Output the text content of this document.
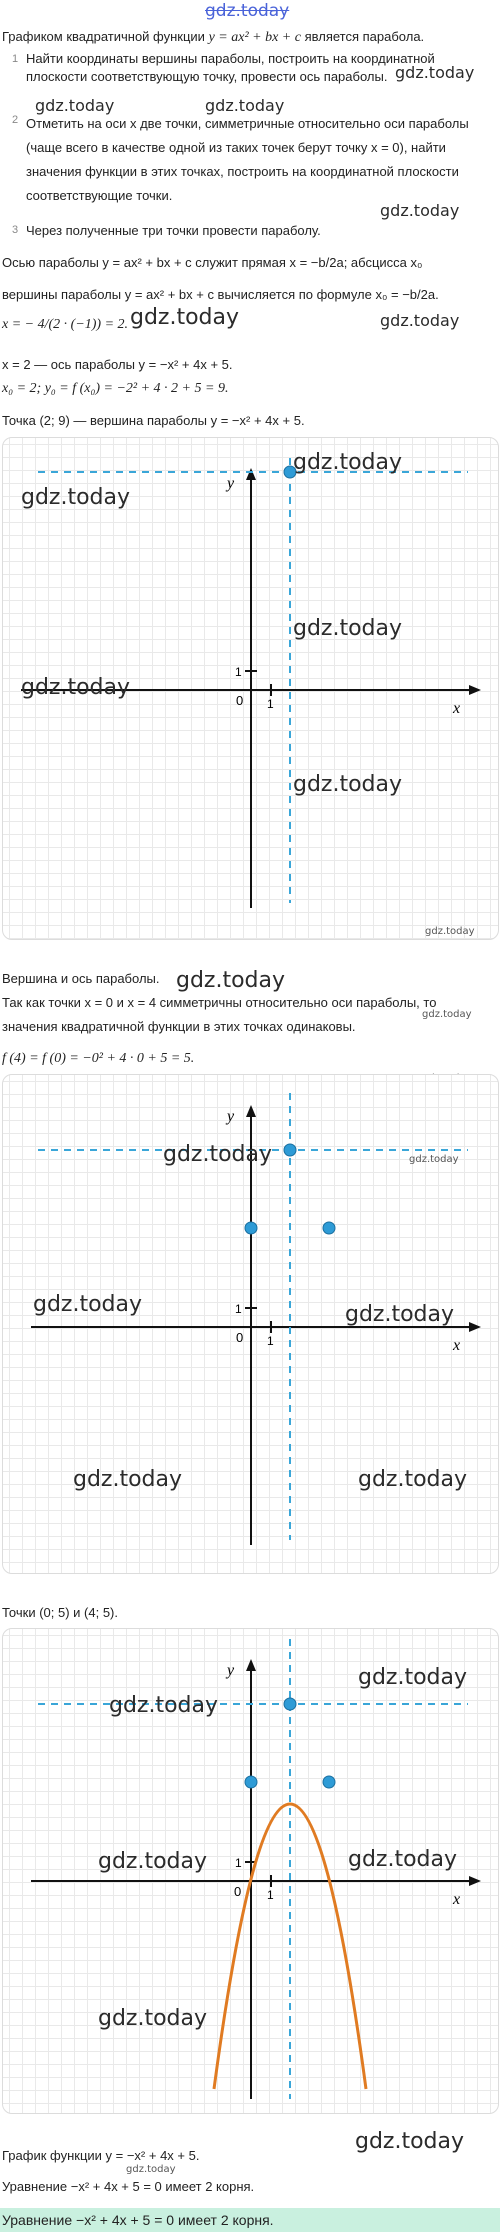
gdz.today
Графиком квадратичной функции y = ax² + bx + c является парабола.
1 Найти координаты вершины параболы, построить на координатной плоскости соответствующую точку, провести ось параболы.
2 Отметить на оси x две точки, симметричные относительно оси параболы (чаще всего в качестве одной из таких точек берут точку x = 0), найти значения функции в этих точках, построить на координатной плоскости соответствующие точки.
3 Через полученные три точки провести параболу.
gdz.today	gdz.today
gdz.today
gdz.today
Осью параболы y = ax² + bx + c служит прямая x = −b/2a; абсцисса x₀
вершины параболы y = ax² + bx + c вычисляется по формуле x₀ = −b/2a.
gdz.today
x = − 4/(2 · (−1)) = 2. gdz.today
x = 2 — ось параболы y = −x² + 4x + 5.
x₀ = 2; y₀ = f (x₀) = −2² + 4 · 2 + 5 = 9.
Точка (2; 9) — вершина параболы y = −x² + 4x + 5.
y
x
0 1
1
gdz.today
gdz.today
gdz.today
gdz.today
gdz.today
gdz.today
Вершина и ось параболы. gdz.today
Так как точки x = 0 и x = 4 симметричны относительно оси параболы, то
gdz.today
значения квадратичной функции в этих точках одинаковы.
f (4) = f (0) = −0² + 4 · 0 + 5 = 5.
y
x
0 1
1
gdz.today	gdz.today
gdz.today	gdz.today
gdz.today	gdz.today
Точки (0; 5) и (4; 5).
y
x
0 1
1
gdz.today
gdz.today
gdz.today	gdz.today
gdz.today
gdz.today
График функции y = −x² + 4x + 5.
gdz.today
Уравнение −x² + 4x + 5 = 0 имеет 2 корня.
Уравнение −x² + 4x + 5 = 0 имеет 2 корня.
